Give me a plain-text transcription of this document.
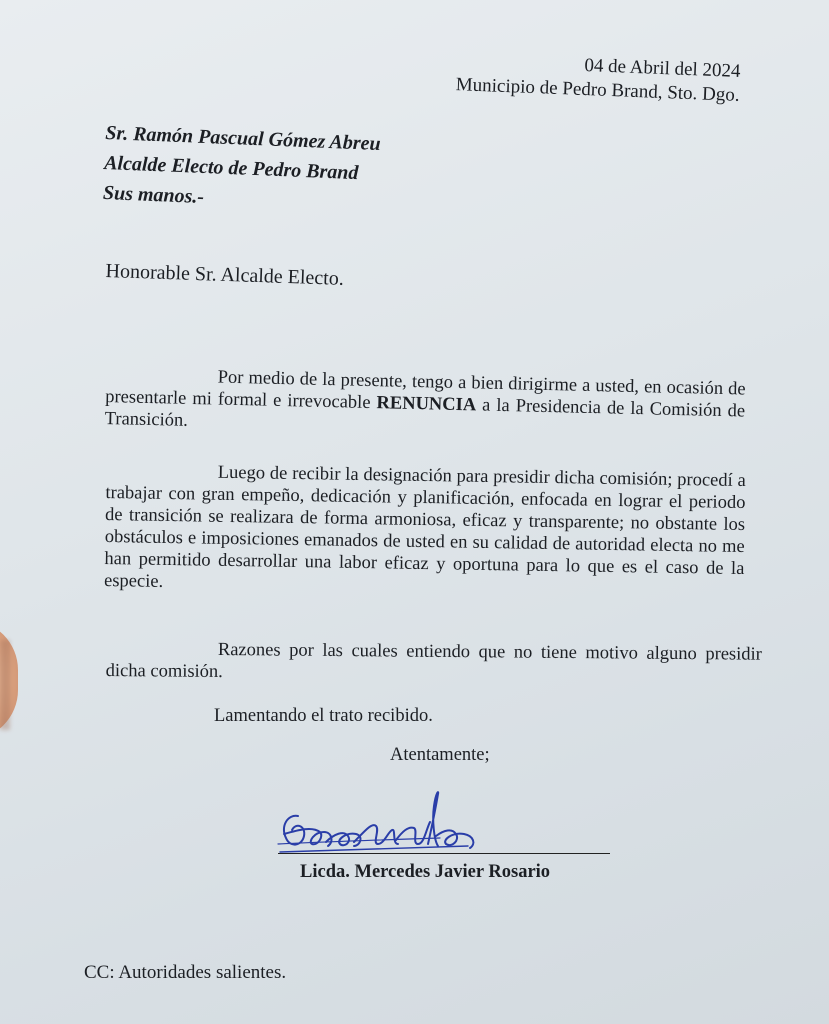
04 de Abril del 2024
Municipio de Pedro Brand, Sto. Dgo.
Sr. Ramón Pascual Gómez Abreu
Alcalde Electo de Pedro Brand
Sus manos.-
Honorable Sr. Alcalde Electo.
Por medio de la presente, tengo a bien dirigirme a usted, en ocasión de presentarle mi formal e irrevocable RENUNCIA a la Presidencia de la Comisión de Transición.
Luego de recibir la designación para presidir dicha comisión; procedí a trabajar con gran empeño, dedicación y planificación, enfocada en lograr el periodo de transición se realizara de forma armoniosa, eficaz y transparente; no obstante los obstáculos e imposiciones emanados de usted en su calidad de autoridad electa no me han permitido desarrollar una labor eficaz y oportuna para lo que es el caso de la especie.
Razones por las cuales entiendo que no tiene motivo alguno presidir dicha comisión.
Lamentando el trato recibido.
Atentamente;
Licda. Mercedes Javier Rosario
CC: Autoridades salientes.
